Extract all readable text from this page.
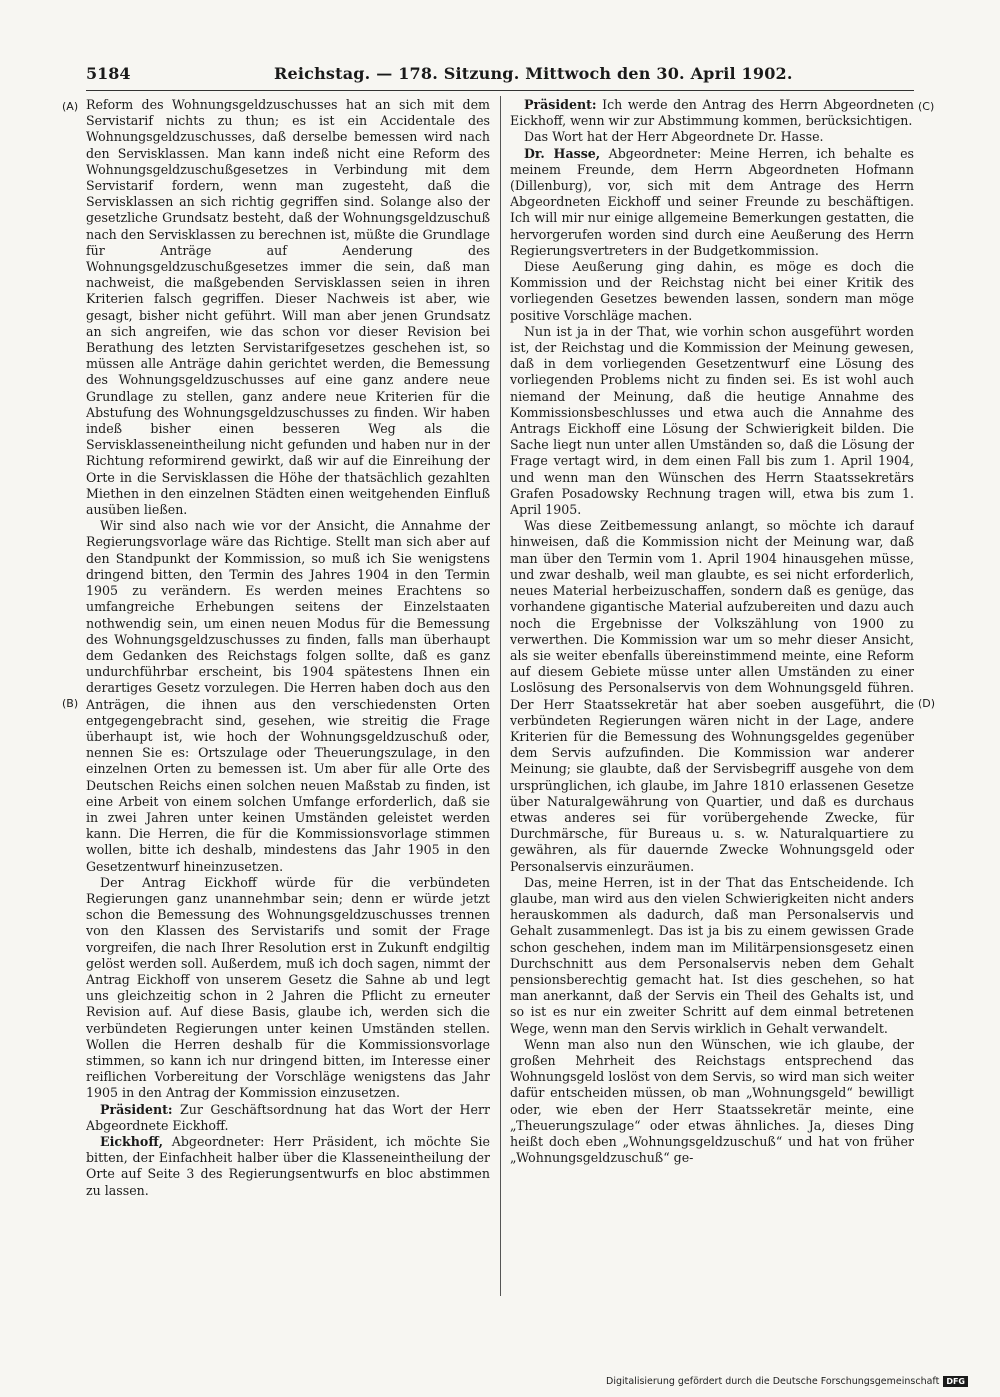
5184	Reichstag. — 178. Sitzung. Mittwoch den 30. April 1902.
(A)
(B)
(C)
(D)

Reform des Wohnungsgeldzuschusses hat an sich mit dem Servistarif nichts zu thun; es ist ein Accidentale des Wohnungsgeldzuschusses, daß derselbe bemessen wird nach den Servisklassen. Man kann indeß nicht eine Reform des Wohnungsgeldzuschußgesetzes in Verbindung mit dem Servistarif fordern, wenn man zugesteht, daß die Servisklassen an sich richtig gegriffen sind. Solange also der gesetzliche Grundsatz besteht, daß der Wohnungsgeldzuschuß nach den Servisklassen zu berechnen ist, müßte die Grundlage für Anträge auf Aenderung des Wohnungsgeldzuschußgesetzes immer die sein, daß man nachweist, die maßgebenden Servisklassen seien in ihren Kriterien falsch gegriffen. Dieser Nachweis ist aber, wie gesagt, bisher nicht geführt. Will man aber jenen Grundsatz an sich angreifen, wie das schon vor dieser Revision bei Berathung des letzten Servistarifgesetzes geschehen ist, so müssen alle Anträge dahin gerichtet werden, die Bemessung des Wohnungsgeldzuschusses auf eine ganz andere neue Grundlage zu stellen, ganz andere neue Kriterien für die Abstufung des Wohnungsgeldzuschusses zu finden. Wir haben indeß bisher einen besseren Weg als die Servisklasseneintheilung nicht gefunden und haben nur in der Richtung reformirend gewirkt, daß wir auf die Einreihung der Orte in die Servisklassen die Höhe der thatsächlich gezahlten Miethen in den einzelnen Städten einen weitgehenden Einfluß ausüben ließen.

Wir sind also nach wie vor der Ansicht, die Annahme der Regierungsvorlage wäre das Richtige. Stellt man sich aber auf den Standpunkt der Kommission, so muß ich Sie wenigstens dringend bitten, den Termin des Jahres 1904 in den Termin 1905 zu verändern. Es werden meines Erachtens so umfangreiche Erhebungen seitens der Einzelstaaten nothwendig sein, um einen neuen Modus für die Bemessung des Wohnungsgeldzuschusses zu finden, falls man überhaupt dem Gedanken des Reichstags folgen sollte, daß es ganz undurchführbar erscheint, bis 1904 spätestens Ihnen ein derartiges Gesetz vorzulegen. Die Herren haben doch aus den Anträgen, die ihnen aus den verschiedensten Orten entgegengebracht sind, gesehen, wie streitig die Frage überhaupt ist, wie hoch der Wohnungsgeldzuschuß oder, nennen Sie es: Ortszulage oder Theuerungszulage, in den einzelnen Orten zu bemessen ist. Um aber für alle Orte des Deutschen Reichs einen solchen neuen Maßstab zu finden, ist eine Arbeit von einem solchen Umfange erforderlich, daß sie in zwei Jahren unter keinen Umständen geleistet werden kann. Die Herren, die für die Kommissionsvorlage stimmen wollen, bitte ich deshalb, mindestens das Jahr 1905 in den Gesetzentwurf hineinzusetzen.

Der Antrag Eickhoff würde für die verbündeten Regierungen ganz unannehmbar sein; denn er würde jetzt schon die Bemessung des Wohnungsgeldzuschusses trennen von den Klassen des Servistarifs und somit der Frage vorgreifen, die nach Ihrer Resolution erst in Zukunft endgiltig gelöst werden soll. Außerdem, muß ich doch sagen, nimmt der Antrag Eickhoff von unserem Gesetz die Sahne ab und legt uns gleichzeitig schon in 2 Jahren die Pflicht zu erneuter Revision auf. Auf diese Basis, glaube ich, werden sich die verbündeten Regierungen unter keinen Umständen stellen. Wollen die Herren deshalb für die Kommissionsvorlage stimmen, so kann ich nur dringend bitten, im Interesse einer reiflichen Vorbereitung der Vorschläge wenigstens das Jahr 1905 in den Antrag der Kommission einzusetzen.

Präsident: Zur Geschäftsordnung hat das Wort der Herr Abgeordnete Eickhoff.

Eickhoff, Abgeordneter: Herr Präsident, ich möchte Sie bitten, der Einfachheit halber über die Klasseneintheilung der Orte auf Seite 3 des Regierungsentwurfs en bloc abstimmen zu lassen.

Präsident: Ich werde den Antrag des Herrn Abgeordneten Eickhoff, wenn wir zur Abstimmung kommen, berücksichtigen.

Das Wort hat der Herr Abgeordnete Dr. Hasse.

Dr. Hasse, Abgeordneter: Meine Herren, ich behalte es meinem Freunde, dem Herrn Abgeordneten Hofmann (Dillenburg), vor, sich mit dem Antrage des Herrn Abgeordneten Eickhoff und seiner Freunde zu beschäftigen. Ich will mir nur einige allgemeine Bemerkungen gestatten, die hervorgerufen worden sind durch eine Aeußerung des Herrn Regierungsvertreters in der Budgetkommission.

Diese Aeußerung ging dahin, es möge es doch die Kommission und der Reichstag nicht bei einer Kritik des vorliegenden Gesetzes bewenden lassen, sondern man möge positive Vorschläge machen.

Nun ist ja in der That, wie vorhin schon ausgeführt worden ist, der Reichstag und die Kommission der Meinung gewesen, daß in dem vorliegenden Gesetzentwurf eine Lösung des vorliegenden Problems nicht zu finden sei. Es ist wohl auch niemand der Meinung, daß die heutige Annahme des Kommissionsbeschlusses und etwa auch die Annahme des Antrags Eickhoff eine Lösung der Schwierigkeit bilden. Die Sache liegt nun unter allen Umständen so, daß die Lösung der Frage vertagt wird, in dem einen Fall bis zum 1. April 1904, und wenn man den Wünschen des Herrn Staatssekretärs Grafen Posadowsky Rechnung tragen will, etwa bis zum 1. April 1905.

Was diese Zeitbemessung anlangt, so möchte ich darauf hinweisen, daß die Kommission nicht der Meinung war, daß man über den Termin vom 1. April 1904 hinausgehen müsse, und zwar deshalb, weil man glaubte, es sei nicht erforderlich, neues Material herbeizuschaffen, sondern daß es genüge, das vorhandene gigantische Material aufzubereiten und dazu auch noch die Ergebnisse der Volkszählung von 1900 zu verwerthen. Die Kommission war um so mehr dieser Ansicht, als sie weiter ebenfalls übereinstimmend meinte, eine Reform auf diesem Gebiete müsse unter allen Umständen zu einer Loslösung des Personalservis von dem Wohnungsgeld führen. Der Herr Staatssekretär hat aber soeben ausgeführt, die verbündeten Regierungen wären nicht in der Lage, andere Kriterien für die Bemessung des Wohnungsgeldes gegenüber dem Servis aufzufinden. Die Kommission war anderer Meinung; sie glaubte, daß der Servisbegriff ausgehe von dem ursprünglichen, ich glaube, im Jahre 1810 erlassenen Gesetze über Naturalgewährung von Quartier, und daß es durchaus etwas anderes sei für vorübergehende Zwecke, für Durchmärsche, für Bureaus u. s. w. Naturalquartiere zu gewähren, als für dauernde Zwecke Wohnungsgeld oder Personalservis einzuräumen.

Das, meine Herren, ist in der That das Entscheidende. Ich glaube, man wird aus den vielen Schwierigkeiten nicht anders herauskommen als dadurch, daß man Personalservis und Gehalt zusammenlegt. Das ist ja bis zu einem gewissen Grade schon geschehen, indem man im Militärpensionsgesetz einen Durchschnitt aus dem Personalservis neben dem Gehalt pensionsberechtig gemacht hat. Ist dies geschehen, so hat man anerkannt, daß der Servis ein Theil des Gehalts ist, und so ist es nur ein zweiter Schritt auf dem einmal betretenen Wege, wenn man den Servis wirklich in Gehalt verwandelt.

Wenn man also nun den Wünschen, wie ich glaube, der großen Mehrheit des Reichstags entsprechend das Wohnungsgeld loslöst von dem Servis, so wird man sich weiter dafür entscheiden müssen, ob man „Wohnungsgeld“ bewilligt oder, wie eben der Herr Staatssekretär meinte, eine „Theuerungszulage“ oder etwas ähnliches. Ja, dieses Ding heißt doch eben „Wohnungsgeldzuschuß“ und hat von früher „Wohnungsgeldzuschuß“ ge-

Digitalisierung gefördert durch die Deutsche Forschungsgemeinschaft DFG
